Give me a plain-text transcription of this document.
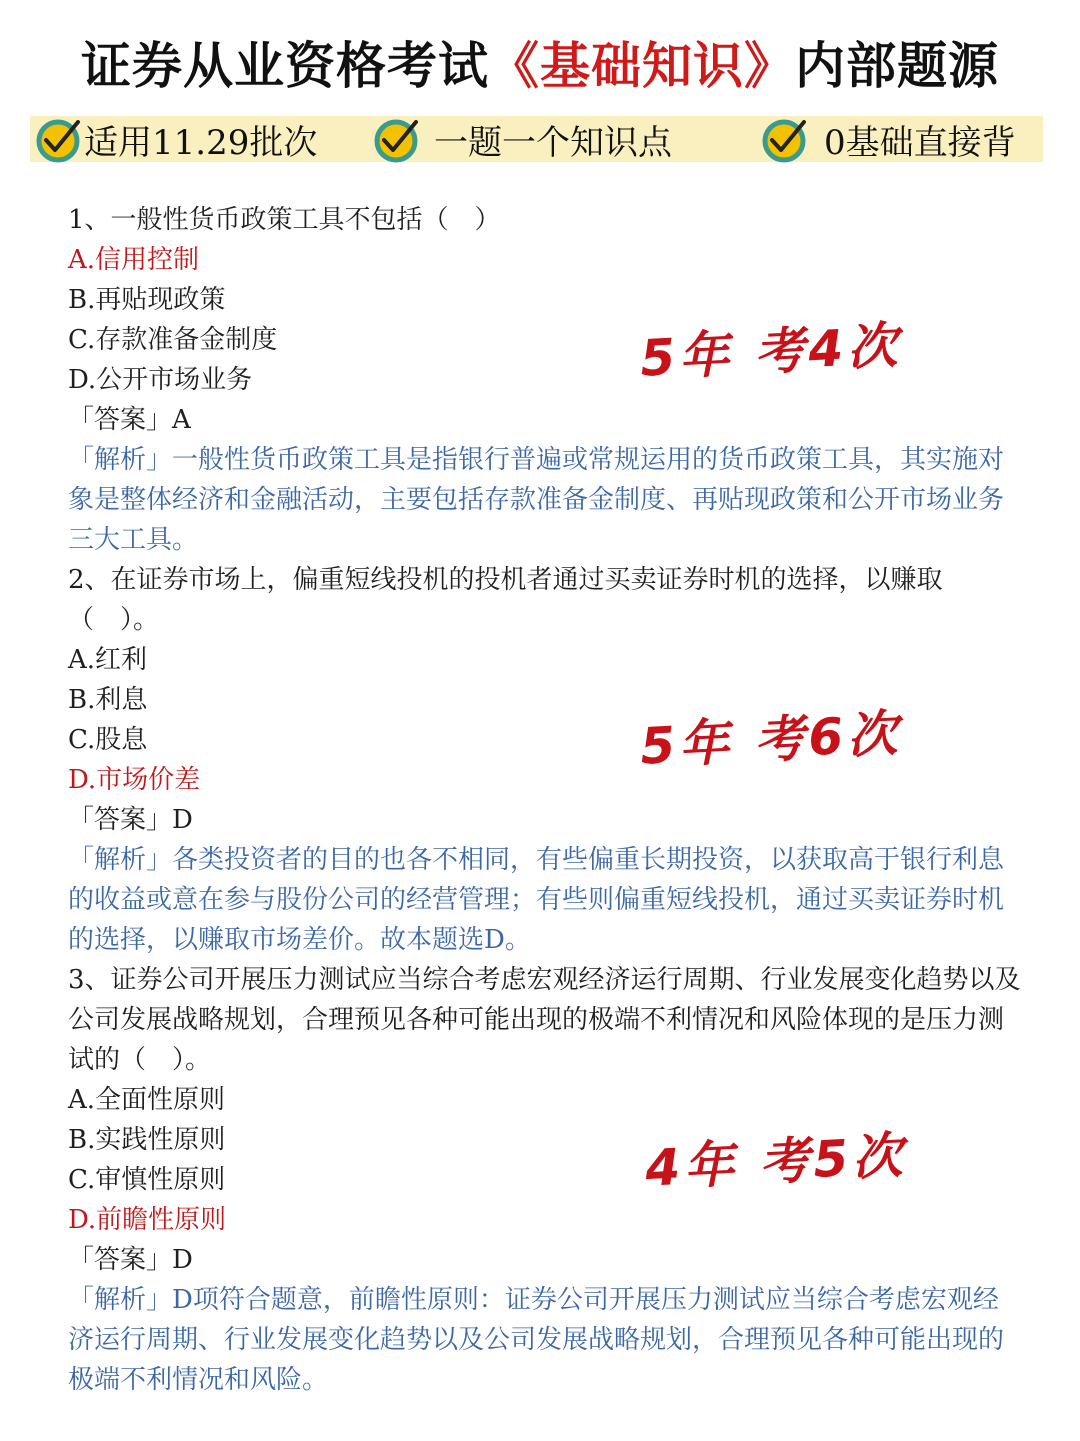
证券从业资格考试《基础知识》内部题源
适用11.29批次	一题一个知识点	0基础直接背
1、一般性货币政策工具不包括（　）
A.信用控制
B.再贴现政策
C.存款准备金制度
D.公开市场业务
「答案」A
「解析」一般性货币政策工具是指银行普遍或常规运用的货币政策工具，其实施对象是整体经济和金融活动，主要包括存款准备金制度、再贴现政策和公开市场业务三大工具。
2、在证券市场上，偏重短线投机的投机者通过买卖证券时机的选择，以赚取（　）。
A.红利
B.利息
C.股息
D.市场价差
「答案」D
「解析」各类投资者的目的也各不相同，有些偏重长期投资，以获取高于银行利息的收益或意在参与股份公司的经营管理；有些则偏重短线投机，通过买卖证券时机的选择，以赚取市场差价。故本题选D。
3、证券公司开展压力测试应当综合考虑宏观经济运行周期、行业发展变化趋势以及公司发展战略规划，合理预见各种可能出现的极端不利情况和风险体现的是压力测试的（　）。
A.全面性原则
B.实践性原则
C.审慎性原则
D.前瞻性原则
「答案」D
「解析」D项符合题意，前瞻性原则：证券公司开展压力测试应当综合考虑宏观经济运行周期、行业发展变化趋势以及公司发展战略规划，合理预见各种可能出现的极端不利情况和风险。
5年 考4次
5年 考6次
4年 考5次
